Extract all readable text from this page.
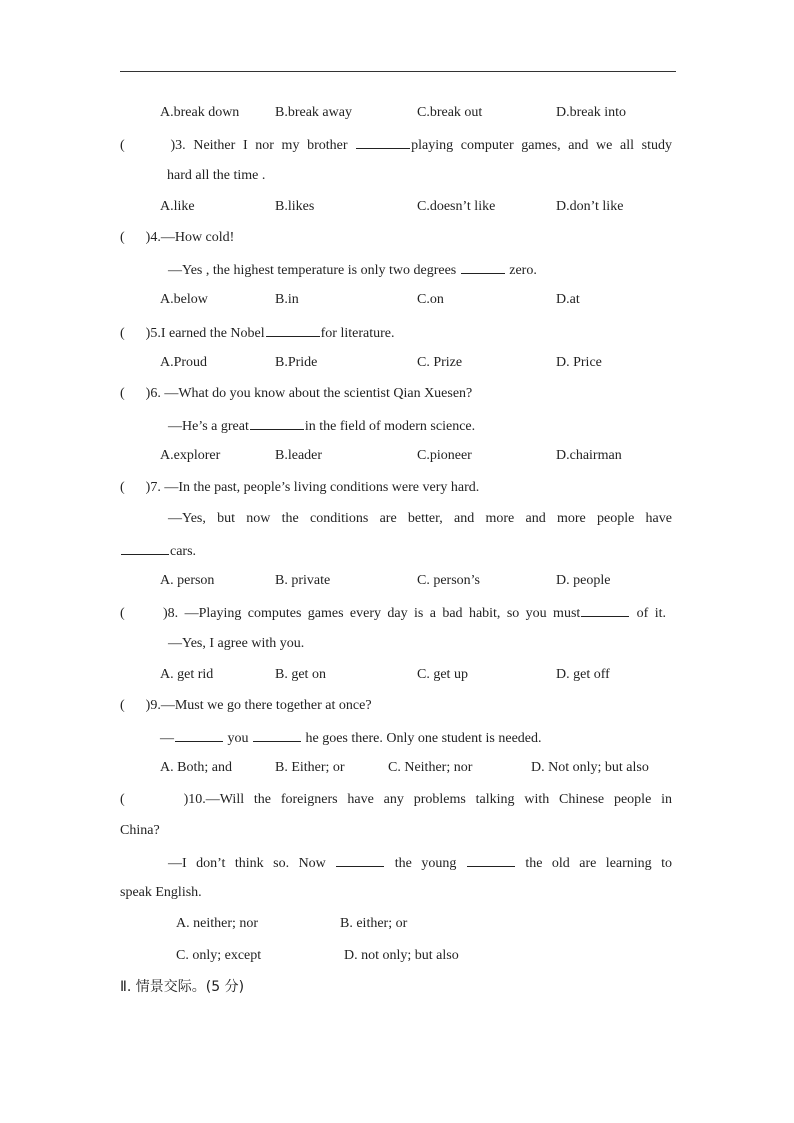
A.break down	B.break away	C.break out	D.break into
(	)3. Neither I nor my brother	playing computer games, and we all study
hard all the time .
A.like	B.likes	C.doesn’t like	D.don’t like
( )4.—How cold!
—Yes , the highest temperature is only two degrees	zero.
A.below	B.in	C.on	D.at
( )5.I earned the Nobel	for literature.
A.Proud	B.Pride	C. Prize	D. Price
( )6. —What do you know about the scientist Qian Xuesen?
—He’s a great	in the field of modern science.
A.explorer	B.leader	C.pioneer	D.chairman
( )7. —In the past, people’s living conditions were very hard.
—Yes, but now the conditions are better, and more and more people have
cars.
A. person	B. private	C. person’s	D. people
(	)8. —Playing computes games every day is a bad habit, so you must	of it.
—Yes, I agree with you.
A. get rid	B. get on	C. get up	D. get off
( )9.—Must we go there together at once?
—	you	he goes there. Only one student is needed.
A. Both; and	B. Either; or	C. Neither; nor	D. Not only; but also
(	)10.—Will the foreigners have any problems talking with Chinese people in
China?
—I don’t think so. Now	the young	the old are learning to
speak English.
A. neither; nor	B. either; or
C. only; except	D. not only; but also
Ⅱ. 情景交际。(5 分)
